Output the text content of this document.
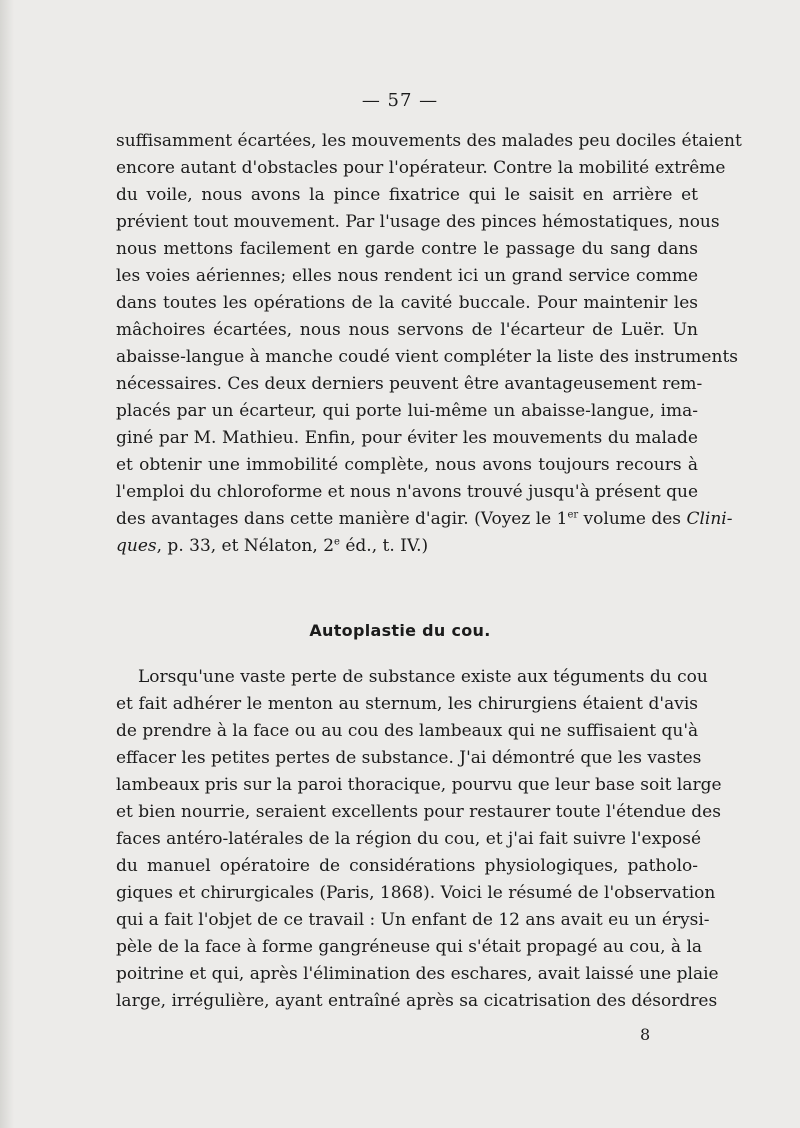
— 57 —
suffisamment écartées, les mouvements des malades peu dociles étaient
encore autant d'obstacles pour l'opérateur. Contre la mobilité extrême
du voile, nous avons la pince fixatrice qui le saisit en arrière et
prévient tout mouvement. Par l'usage des pinces hémostatiques, nous
nous mettons facilement en garde contre le passage du sang dans
les voies aériennes; elles nous rendent ici un grand service comme
dans toutes les opérations de la cavité buccale. Pour maintenir les
mâchoires écartées, nous nous servons de l'écarteur de Luër. Un
abaisse-langue à manche coudé vient compléter la liste des instruments
nécessaires. Ces deux derniers peuvent être avantageusement rem-
placés par un écarteur, qui porte lui-même un abaisse-langue, ima-
giné par M. Mathieu. Enfin, pour éviter les mouvements du malade
et obtenir une immobilité complète, nous avons toujours recours à
l'emploi du chloroforme et nous n'avons trouvé jusqu'à présent que
des avantages dans cette manière d'agir. (Voyez le 1er volume des Clini-
ques, p. 33, et Nélaton, 2e éd., t. IV.)
Autoplastie du cou.
Lorsqu'une vaste perte de substance existe aux téguments du cou
et fait adhérer le menton au sternum, les chirurgiens étaient d'avis
de prendre à la face ou au cou des lambeaux qui ne suffisaient qu'à
effacer les petites pertes de substance. J'ai démontré que les vastes
lambeaux pris sur la paroi thoracique, pourvu que leur base soit large
et bien nourrie, seraient excellents pour restaurer toute l'étendue des
faces antéro-latérales de la région du cou, et j'ai fait suivre l'exposé
du manuel opératoire de considérations physiologiques, patholo-
giques et chirurgicales (Paris, 1868). Voici le résumé de l'observation
qui a fait l'objet de ce travail : Un enfant de 12 ans avait eu un érysi-
pèle de la face à forme gangréneuse qui s'était propagé au cou, à la
poitrine et qui, après l'élimination des eschares, avait laissé une plaie
large, irrégulière, ayant entraîné après sa cicatrisation des désordres
8
